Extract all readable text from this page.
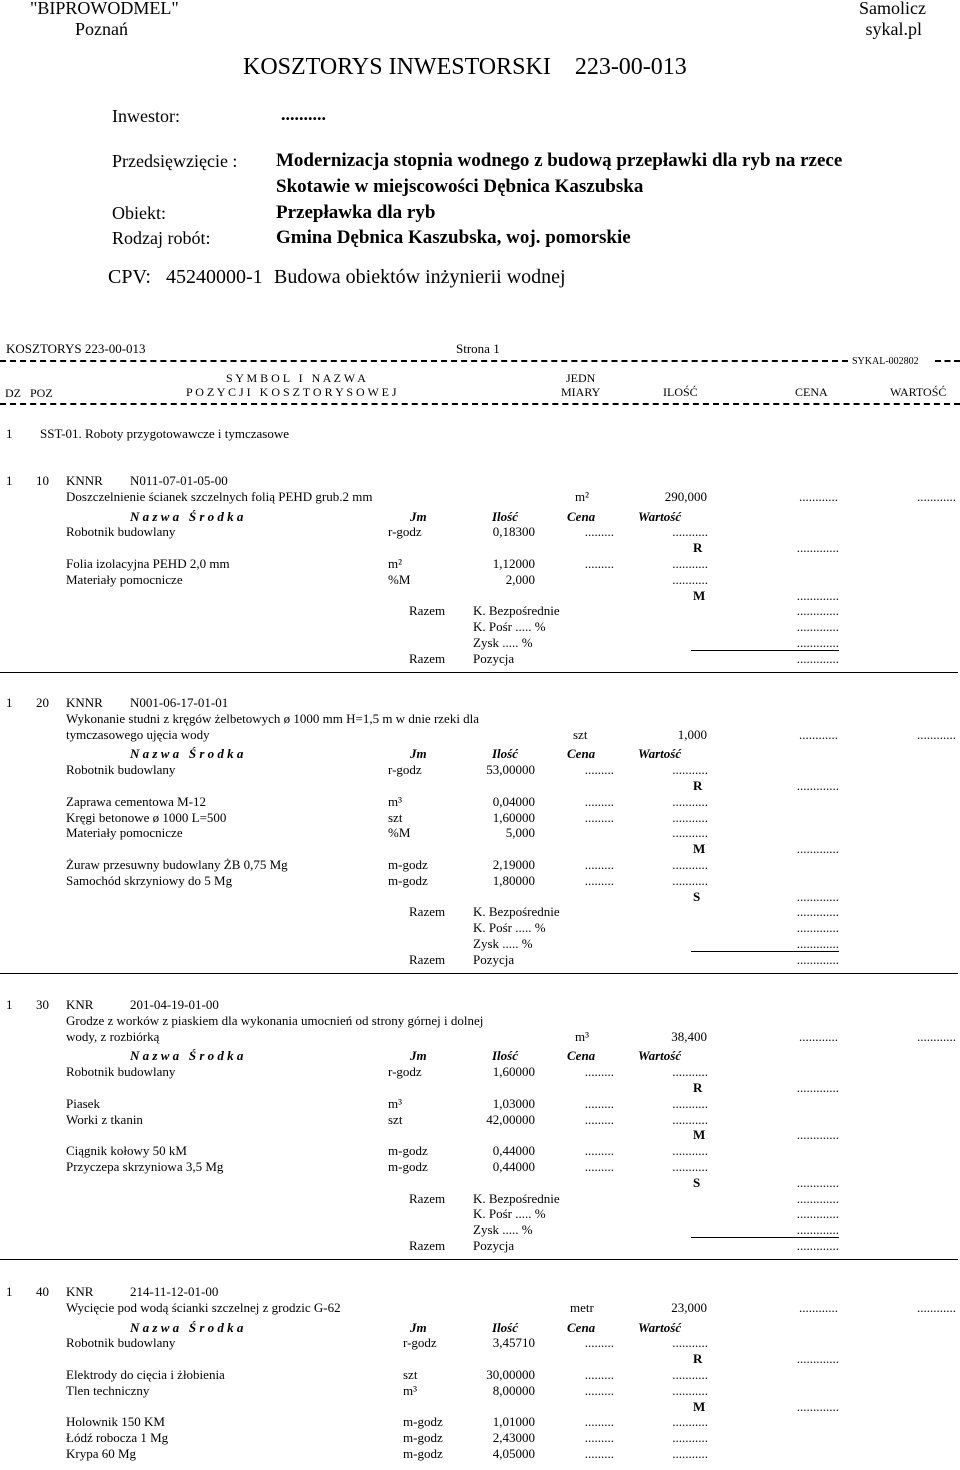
"BIPROWODMEL"
Poznań
Samolicz
sykal.pl
KOSZTORYS INWESTORSKI    223-00-013
Inwestor:	..........
Przedsięwzięcie : Modernizacja stopnia wodnego z budową przepławki dla ryb na rzece
Skotawie w miejscowości Dębnica Kaszubska
Obiekt:	Przepławka dla ryb
Rodzaj robót:	Gmina Dębnica Kaszubska, woj. pomorskie
CPV: 45240000-1 Budowa obiektów inżynierii wodnej
KOSZTORYS 223-00-013	Strona 1
SYKAL-002802
S Y M B O L   I   N A Z W A
P O Z Y C J I   K O S Z T O R Y S O W E J
DZ POZ
JEDN
MIARY	ILOŚĆ	CENA	WARTOŚĆ
1 SST-01. Roboty przygotowawcze i tymczasowe
1 10 KNNR N011-07-01-05-00
Doszczelnienie ścianek szczelnych folią PEHD grub.2 mm	m²	290,000	............	............
N a z w a   Ś r o d k a	Jm	Ilość	Cena	Wartość
Robotnik budowlany	r-godz	0,18300	.........	...........
R	.............
Folia izolacyjna PEHD 2,0 mm	m²	1,12000	.........	...........
Materiały pomocnicze	%M	2,000	...........
M	.............
Razem K. Bezpośrednie	.............
K. Pośr ..... %	.............
Zysk ..... %	.............
Razem Pozycja	.............
1 20 KNNR N001-06-17-01-01
Wykonanie studni z kręgów żelbetowych ø 1000 mm H=1,5 m w dnie rzeki dla
tymczasowego ujęcia wody	szt	1,000	............	............
N a z w a   Ś r o d k a	Jm	Ilość	Cena	Wartość
Robotnik budowlany	r-godz	53,00000	.........	...........
R	.............
Zaprawa cementowa M-12	m³	0,04000	.........	...........
Kręgi betonowe ø 1000 L=500	szt	1,60000	.........	...........
Materiały pomocnicze	%M	5,000	...........
M	.............
Żuraw przesuwny budowlany ŻB 0,75 Mg	m-godz	2,19000	.........	...........
Samochód skrzyniowy do 5 Mg	m-godz	1,80000	.........	...........
S	.............
Razem K. Bezpośrednie	.............
K. Pośr ..... %	.............
Zysk ..... %	.............
Razem Pozycja	.............
1 30 KNR	201-04-19-01-00
Grodze z worków z piaskiem dla wykonania umocnień od strony górnej i dolnej
wody, z rozbiórką	m³	38,400	............	............
N a z w a   Ś r o d k a	Jm	Ilość	Cena	Wartość
Robotnik budowlany	r-godz	1,60000	.........	...........
R	.............
Piasek	m³	1,03000	.........	...........
Worki z tkanin	szt	42,00000	.........	...........
M	.............
Ciągnik kołowy 50 kM	m-godz	0,44000	.........	...........
Przyczepa skrzyniowa 3,5 Mg	m-godz	0,44000	.........	...........
S	.............
Razem K. Bezpośrednie	.............
K. Pośr ..... %	.............
Zysk ..... %	.............
Razem Pozycja	.............
1 40 KNR	214-11-12-01-00
Wycięcie pod wodą ścianki szczelnej z grodzic G-62	metr	23,000	............	............
N a z w a   Ś r o d k a	Jm	Ilość	Cena	Wartość
Robotnik budowlany	r-godz	3,45710	.........	...........
R	.............
Elektrody do cięcia i żłobienia	szt	30,00000	.........	...........
Tlen techniczny	m³	8,00000	.........	...........
M	.............
Holownik 150 KM	m-godz	1,01000	.........	...........
Łódź robocza 1 Mg	m-godz	2,43000	.........	...........
Krypa 60 Mg	m-godz	4,05000	.........	...........
